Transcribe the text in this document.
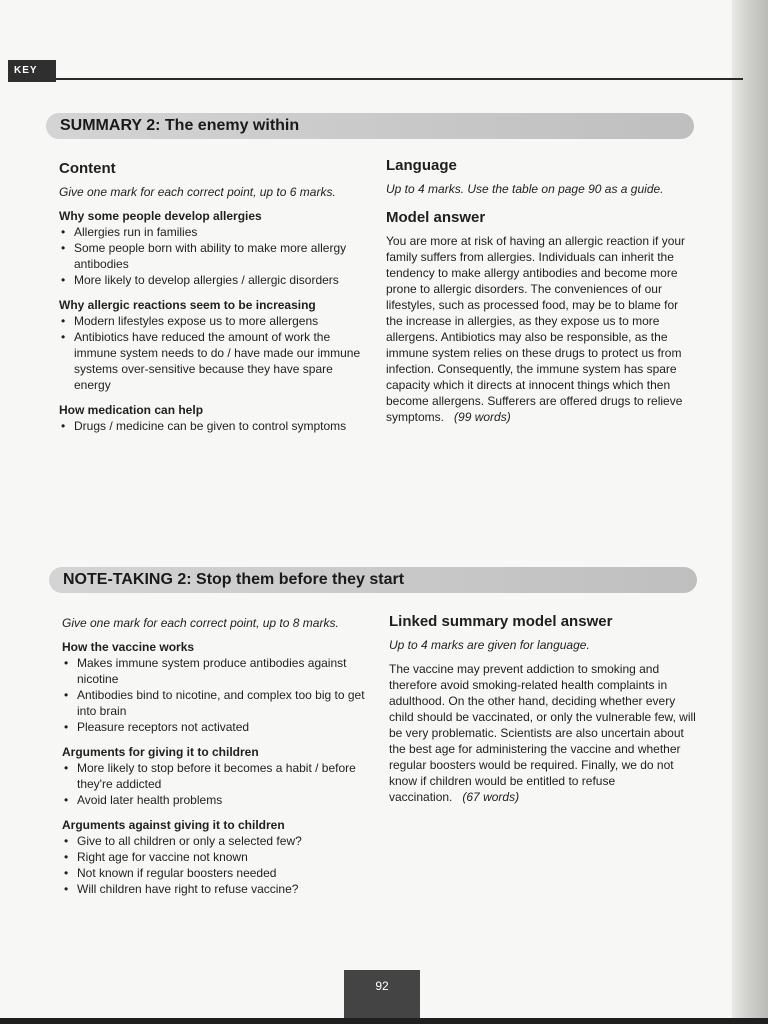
KEY
SUMMARY 2: The enemy within
Content

Give one mark for each correct point, up to 6 marks.

Why some people develop allergies
• Allergies run in families
• Some people born with ability to make more allergy antibodies
• More likely to develop allergies / allergic disorders
Why allergic reactions seem to be increasing
• Modern lifestyles expose us to more allergens
• Antibiotics have reduced the amount of work the immune system needs to do / have made our immune systems over-sensitive because they have spare energy
How medication can help
• Drugs / medicine can be given to control symptoms
Language

Up to 4 marks. Use the table on page 90 as a guide.

Model answer

You are more at risk of having an allergic reaction if your family suffers from allergies. Individuals can inherit the tendency to make allergy antibodies and become more prone to allergic disorders. The conveniences of our lifestyles, such as processed food, may be to blame for the increase in allergies, as they expose us to more allergens. Antibiotics may also be responsible, as the immune system relies on these drugs to protect us from infection. Consequently, the immune system has spare capacity which it directs at innocent things which then become allergens. Sufferers are offered drugs to relieve symptoms. (99 words)

NOTE-TAKING 2: Stop them before they start

Give one mark for each correct point, up to 8 marks.

How the vaccine works
• Makes immune system produce antibodies against nicotine
• Antibodies bind to nicotine, and complex too big to get into brain
• Pleasure receptors not activated
Arguments for giving it to children
• More likely to stop before it becomes a habit / before they're addicted
• Avoid later health problems
Arguments against giving it to children
• Give to all children or only a selected few?
• Right age for vaccine not known
• Not known if regular boosters needed
• Will children have right to refuse vaccine?
Linked summary model answer

Up to 4 marks are given for language.

The vaccine may prevent addiction to smoking and therefore avoid smoking-related health complaints in adulthood. On the other hand, deciding whether every child should be vaccinated, or only the vulnerable few, will be very problematic. Scientists are also uncertain about the best age for administering the vaccine and whether regular boosters would be required. Finally, we do not know if children would be entitled to refuse vaccination. (67 words)

92
